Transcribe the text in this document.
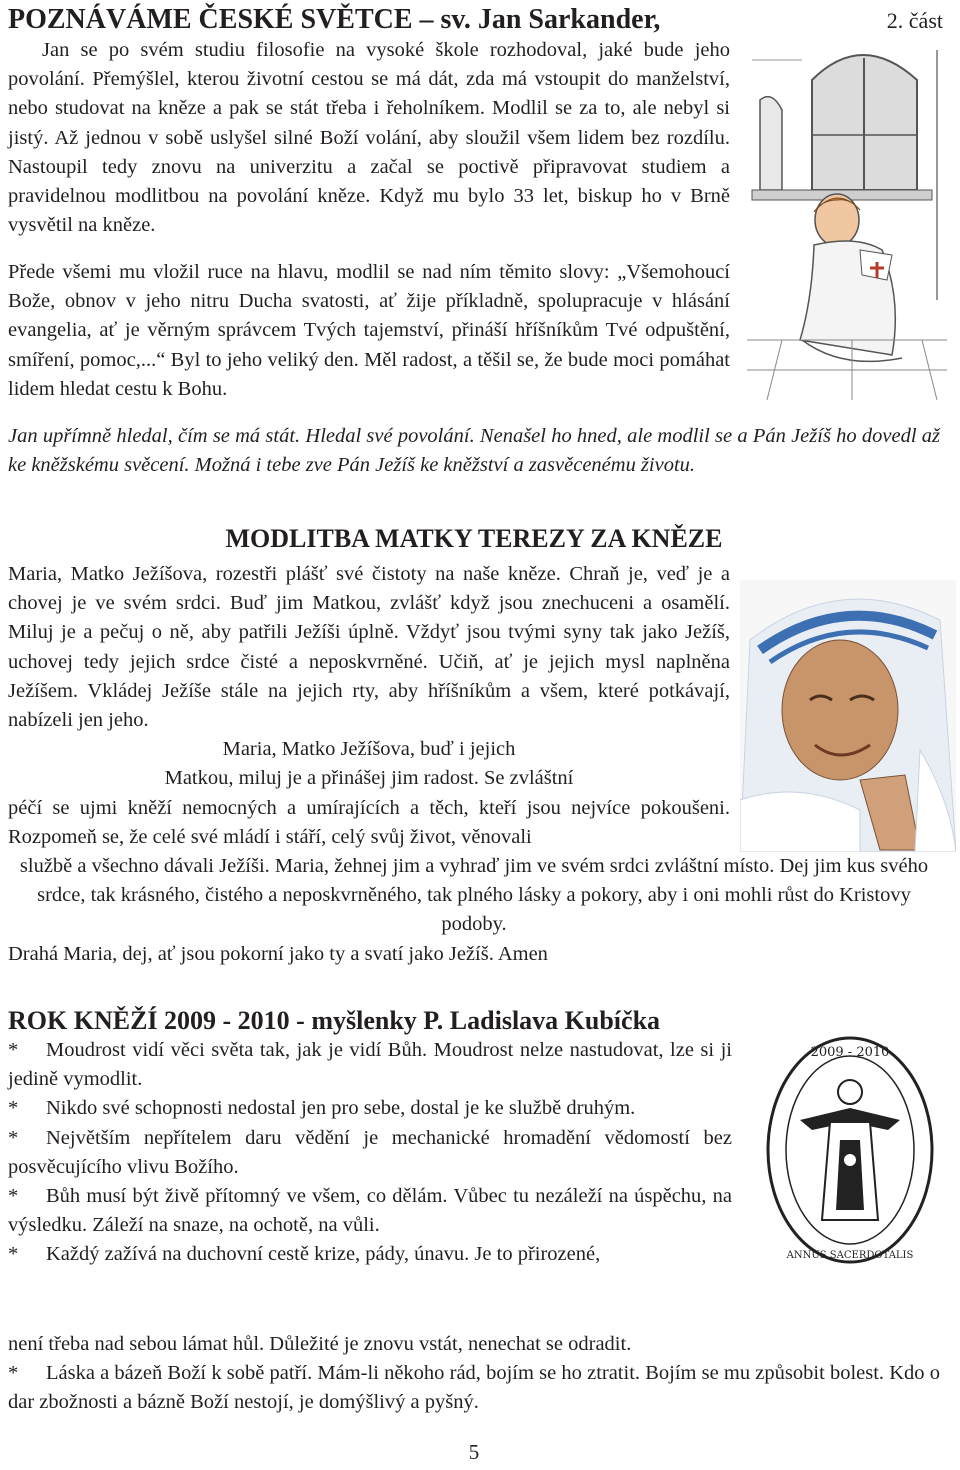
POZNÁVÁME ČESKÉ SVĚTCE – sv. Jan Sarkander,	2. část

Jan se po svém studiu filosofie na vysoké škole rozhodoval, jaké bude jeho povolání. Přemýšlel, kterou životní cestou se má dát, zda má vstoupit do manželství, nebo studovat na kněze a pak se stát třeba i řeholníkem. Modlil se za to, ale nebyl si jistý. Až jednou v sobě uslyšel silné Boží volání, aby sloužil všem lidem bez rozdílu. Nastoupil tedy znovu na univerzitu a začal se poctivě připravovat studiem a pravidelnou modlitbou na povolání kněze. Když mu bylo 33 let, biskup ho v Brně vysvětil na kněze.

Přede všemi mu vložil ruce na hlavu, modlil se nad ním těmito slovy: „Všemohoucí Bože, obnov v jeho nitru Ducha svatosti, ať žije příkladně, spolupracuje v hlásání evangelia, ať je věrným správcem Tvých tajemství, přináší hříšníkům Tvé odpuštění, smíření, pomoc,...“ Byl to jeho veliký den. Měl radost, a těšil se, že bude moci pomáhat lidem hledat cestu k Bohu.

Jan upřímně hledal, čím se má stát. Hledal své povolání. Nenašel ho hned, ale modlil se a Pán Ježíš ho dovedl až ke kněžskému svěcení. Možná i tebe zve Pán Ježíš ke kněžství a zasvěcenému životu.
MODLITBA MATKY TEREZY ZA KNĚZE

Maria, Matko Ježíšova, rozestři plášť své čistoty na naše kněze. Chraň je, veď je a chovej je ve svém srdci. Buď jim Matkou, zvlášť když jsou znechuceni a osamělí. Miluj je a pečuj o ně, aby patřili Ježíši úplně. Vždyť jsou tvými syny tak jako Ježíš, uchovej tedy jejich srdce čisté a neposkvrněné. Učiň, ať je jejich mysl naplněna Ježíšem. Vkládej Ježíše stále na jejich rty, aby hříšníkům a všem, které potkávají, nabízeli jen jeho.

Maria, Matko Ježíšova, buď i jejich

Matkou, miluj je a přinášej jim radost. Se zvláštní

péčí se ujmi kněží nemocných a umírajících a těch, kteří jsou nejvíce pokoušeni. Rozpomeň se, že celé své mládí i stáří, celý svůj život, věnovali

službě a všechno dávali Ježíši. Maria, žehnej jim a vyhraď jim ve svém srdci zvláštní místo. Dej jim kus svého srdce, tak krásného, čistého a neposkvrněného, tak plného lásky a pokory, aby i oni mohli růst do Kristovy podoby.

Drahá Maria, dej, ať jsou pokorní jako ty a svatí jako Ježíš. Amen

ROK KNĚŽÍ 2009 - 2010 - myšlenky P. Ladislava Kubíčka

* Moudrost vidí věci světa tak, jak je vidí Bůh. Moudrost nelze nastudovat, lze si ji jedině vymodlit.

* Nikdo své schopnosti nedostal jen pro sebe, dostal je ke službě druhým.

* Největším nepřítelem daru vědění je mechanické hromadění vědomostí bez posvěcujícího vlivu Božího.

* Bůh musí být živě přítomný ve všem, co dělám. Vůbec tu nezáleží na úspěchu, na výsledku. Záleží na snaze, na ochotě, na vůli.

* Každý zažívá na duchovní cestě krize, pády, únavu. Je to přirozené,

není třeba nad sebou lámat hůl. Důležité je znovu vstát, nenechat se odradit.

* Láska a bázeň Boží k sobě patří. Mám-li někoho rád, bojím se ho ztratit. Bojím se mu způsobit bolest. Kdo o dar zbožnosti a bázně Boží nestojí, je domýšlivý a pyšný.

2009 - 2010
ANNUS SACERDOTALIS
5
